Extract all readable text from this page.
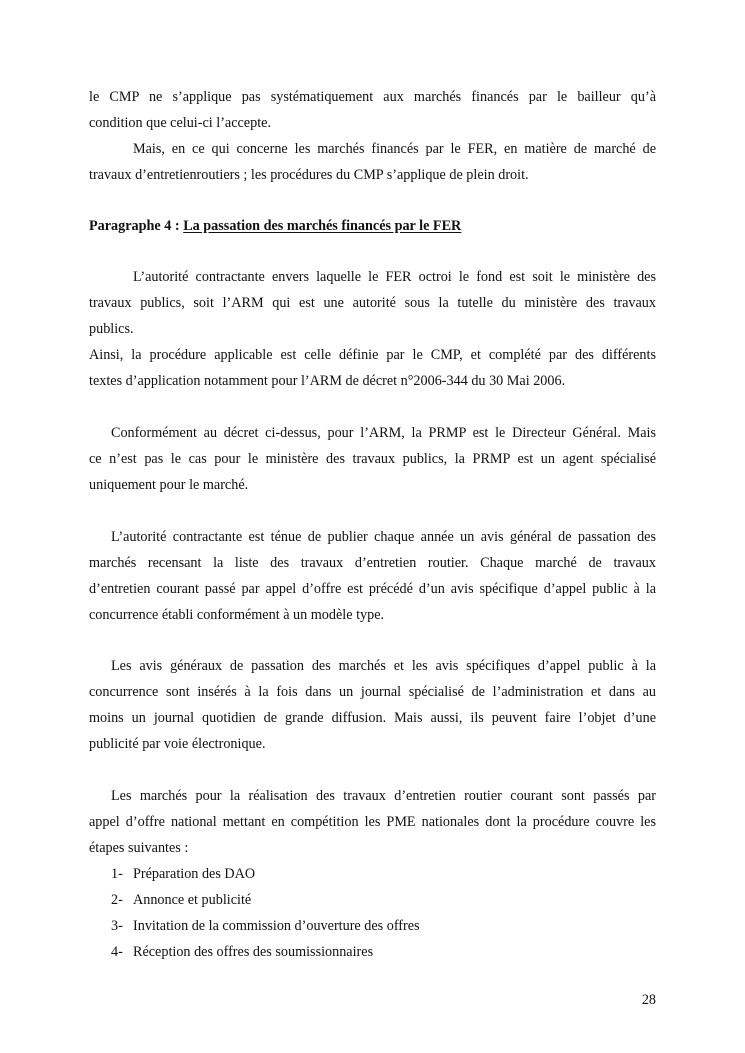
le CMP ne s’applique pas systématiquement aux marchés financés par le bailleur qu’à
condition que celui-ci l’accepte.
Mais, en ce qui concerne les marchés financés par le FER, en matière de marché de
travaux d’entretienroutiers ; les procédures du CMP s’applique de plein droit.
Paragraphe 4 : La passation des marchés financés par le FER
L’autorité contractante envers laquelle le FER octroi le fond est soit le ministère des
travaux publics, soit l’ARM qui est une autorité sous la tutelle du ministère des travaux
publics.
Ainsi, la procédure applicable est celle définie par le CMP, et complété par des différents
textes d’application notamment pour l’ARM de décret n°2006-344 du 30 Mai 2006.
Conformément au décret ci-dessus, pour l’ARM, la PRMP est le Directeur Général. Mais
ce n’est pas le cas pour le ministère des travaux publics, la PRMP est un agent spécialisé
uniquement pour le marché.
L’autorité contractante est ténue de publier chaque année un avis général de passation des
marchés recensant la liste des travaux d’entretien routier. Chaque marché de travaux
d’entretien courant passé par appel d’offre est précédé d’un avis spécifique d’appel public à la
concurrence établi conformément à un modèle type.
Les avis généraux de passation des marchés et les avis spécifiques d’appel public à la
concurrence sont insérés à la fois dans un journal spécialisé de l’administration et dans au
moins un journal quotidien de grande diffusion. Mais aussi, ils peuvent faire l’objet d’une
publicité par voie électronique.
Les marchés pour la réalisation des travaux d’entretien routier courant sont passés par
appel d’offre national mettant en compétition les PME nationales dont la procédure couvre les
étapes suivantes :
1- Préparation des DAO
2- Annonce et publicité
3- Invitation de la commission d’ouverture des offres
4- Réception des offres des soumissionnaires
28
